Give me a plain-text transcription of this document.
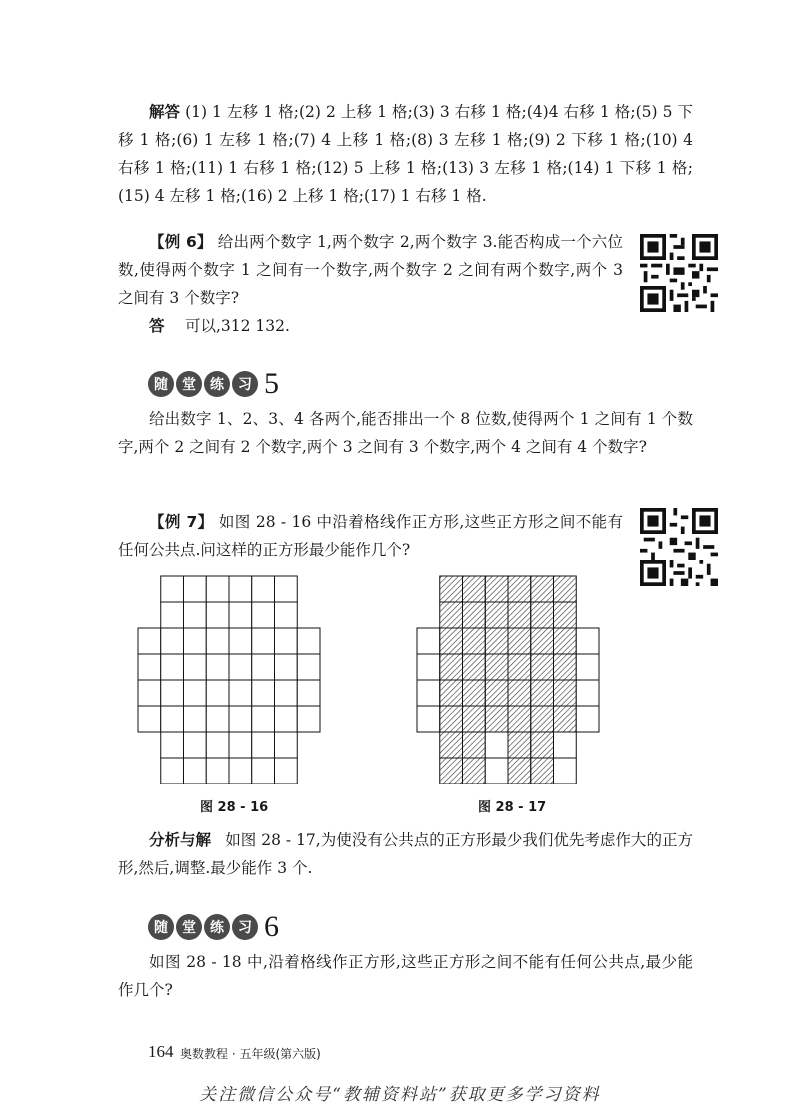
解答 (1) 1 左移 1 格;(2) 2 上移 1 格;(3) 3 右移 1 格;(4)4 右移 1 格;(5) 5 下移 1 格;(6) 1 左移 1 格;(7) 4 上移 1 格;(8) 3 左移 1 格;(9) 2 下移 1 格;(10) 4 右移 1 格;(11) 1 右移 1 格;(12) 5 上移 1 格;(13) 3 左移 1 格;(14) 1 下移 1 格;(15) 4 左移 1 格;(16) 2 上移 1 格;(17) 1 右移 1 格.

【例 6】 给出两个数字 1,两个数字 2,两个数字 3.能否构成一个六位数,使得两个数字 1 之间有一个数字,两个数字 2 之间有两个数字,两个 3 之间有 3 个数字?

答 可以,312 132.

随	堂	练	习 5

给出数字 1、2、3、4 各两个,能否排出一个 8 位数,使得两个 1 之间有 1 个数字,两个 2 之间有 2 个数字,两个 3 之间有 3 个数字,两个 4 之间有 4 个数字?

【例 7】 如图 28 - 16 中沿着格线作正方形,这些正方形之间不能有任何公共点.问这样的正方形最少能作几个?

图 28 - 16	图 28 - 17

分析与解 如图 28 - 17,为使没有公共点的正方形最少我们优先考虑作大的正方形,然后,调整.最少能作 3 个.

随	堂	练	习 6

如图 28 - 18 中,沿着格线作正方形,这些正方形之间不能有任何公共点,最少能作几个?

164 奥数教程 · 五年级(第六版)
关注微信公众号“教辅资料站”获取更多学习资料
